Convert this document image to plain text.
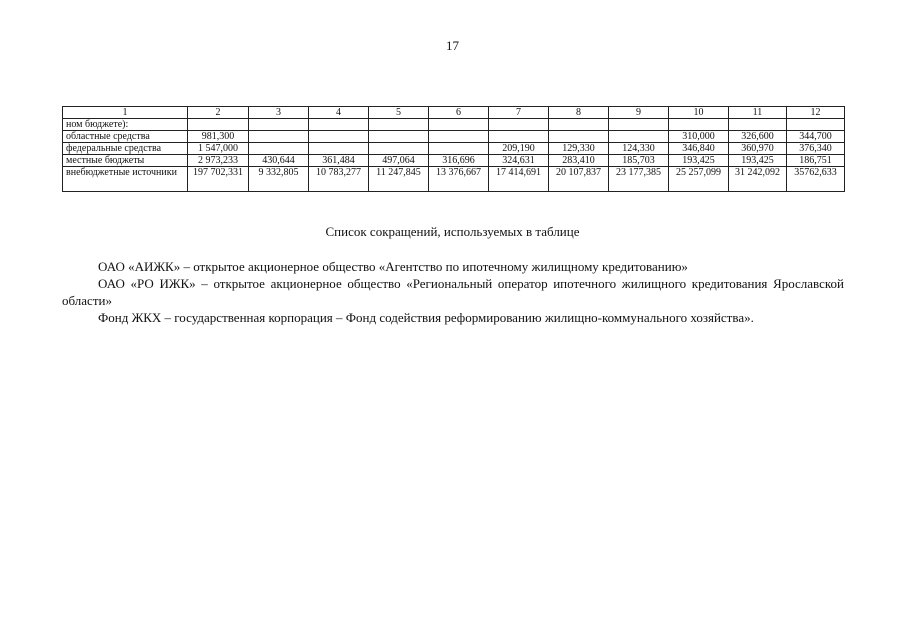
17
1	2	3	4	5	6	7	8	9	10	11	12
ном бюджете):											
областные средства	981,300								310,000	326,600	344,700
федеральные средства	1 547,000					209,190	129,330	124,330	346,840	360,970	376,340
местные бюджеты	2 973,233	430,644	361,484	497,064	316,696	324,631	283,410	185,703	193,425	193,425	186,751
внебюджетные источники	197 702,331	9 332,805	10 783,277	11 247,845	13 376,667	17 414,691	20 107,837	23 177,385	25 257,099	31 242,092	35762,633
Список сокращений, используемых в таблице

ОАО «АИЖК» – открытое акционерное общество «Агентство по ипотечному жилищному кредитованию»

ОАО «РО ИЖК» – открытое акционерное общество «Региональный оператор ипотечного жилищного кредитования Ярославской области»

Фонд ЖКХ – государственная корпорация – Фонд содействия реформированию жилищно-коммунального хозяйства».
